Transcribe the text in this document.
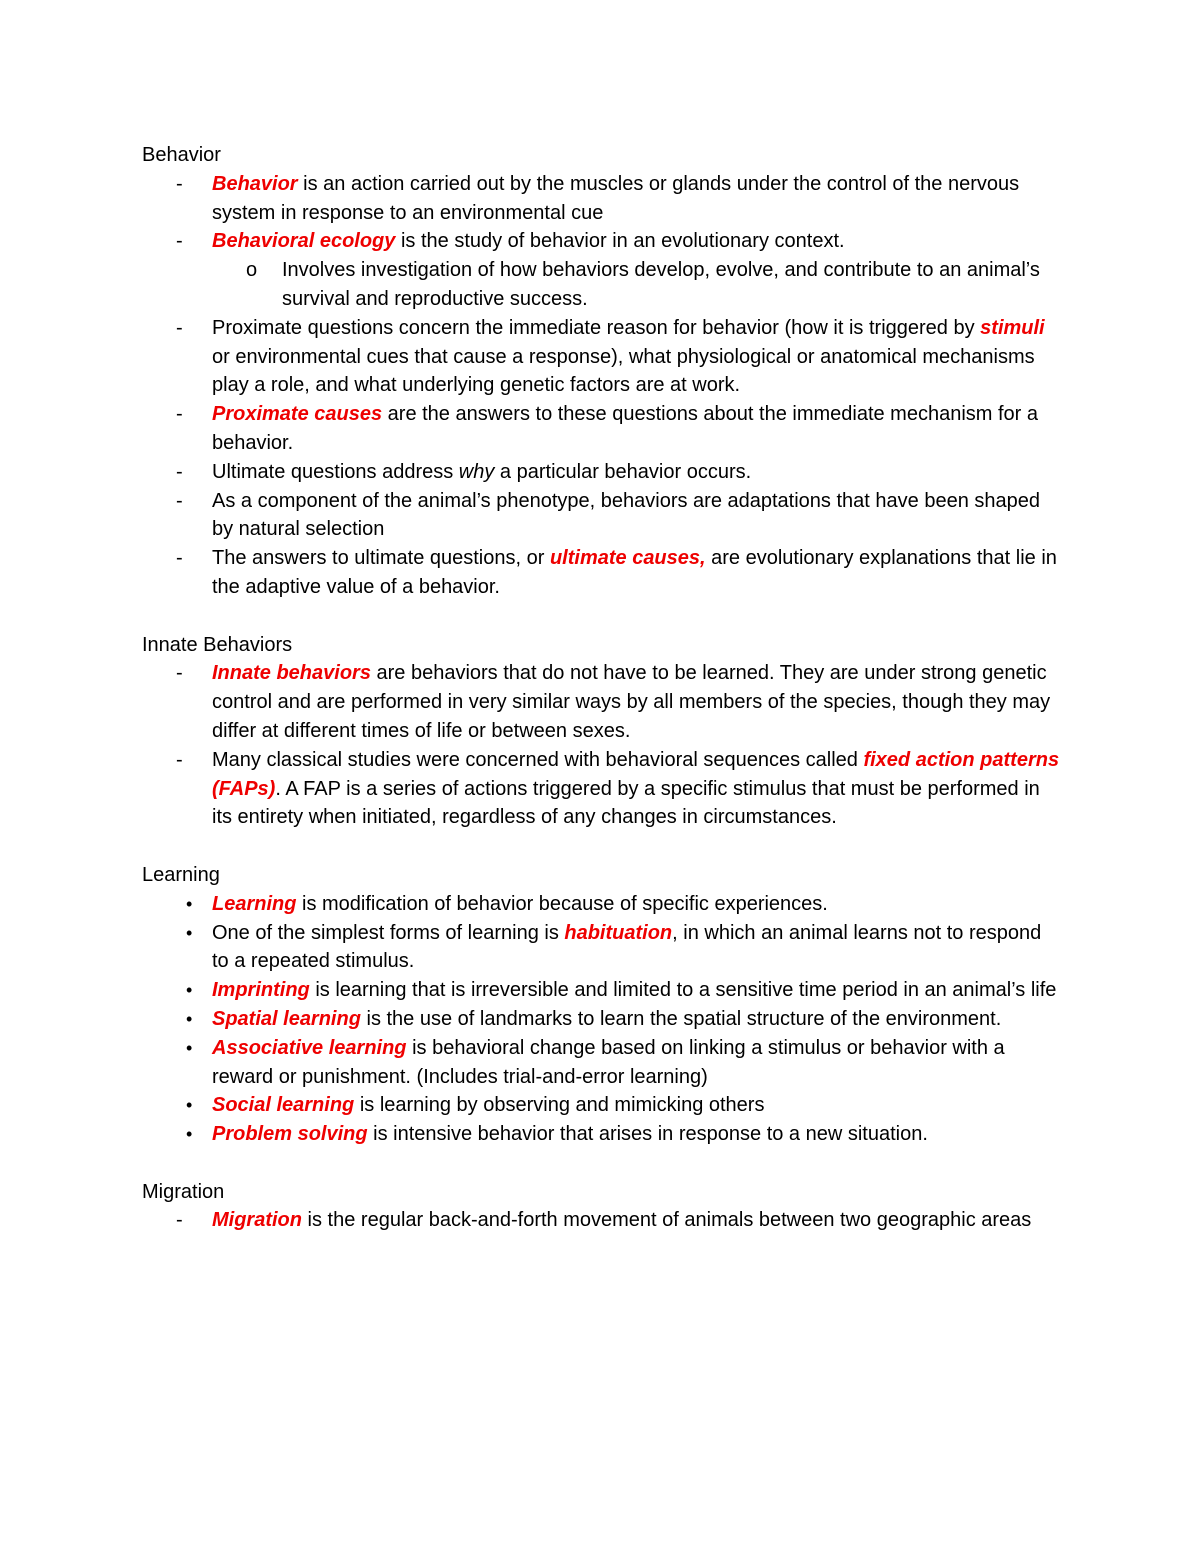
Behavior

- Behavior is an action carried out by the muscles or glands under the control of the nervous system in response to an environmental cue
- Behavioral ecology is the study of behavior in an evolutionary context.
o Involves investigation of how behaviors develop, evolve, and contribute to an animal’s survival and reproductive success.
- Proximate questions concern the immediate reason for behavior (how it is triggered by stimuli or environmental cues that cause a response), what physiological or anatomical mechanisms play a role, and what underlying genetic factors are at work.
- Proximate causes are the answers to these questions about the immediate mechanism for a behavior.
- Ultimate questions address why a particular behavior occurs.
- As a component of the animal’s phenotype, behaviors are adaptations that have been shaped by natural selection
- The answers to ultimate questions, or ultimate causes, are evolutionary explanations that lie in the adaptive value of a behavior.

Innate Behaviors

- Innate behaviors are behaviors that do not have to be learned. They are under strong genetic control and are performed in very similar ways by all members of the species, though they may differ at different times of life or between sexes.
- Many classical studies were concerned with behavioral sequences called fixed action patterns (FAPs). A FAP is a series of actions triggered by a specific stimulus that must be performed in its entirety when initiated, regardless of any changes in circumstances.

Learning

• Learning is modification of behavior because of specific experiences.
• One of the simplest forms of learning is habituation, in which an animal learns not to respond to a repeated stimulus.
• Imprinting is learning that is irreversible and limited to a sensitive time period in an animal’s life
• Spatial learning is the use of landmarks to learn the spatial structure of the environment.
• Associative learning is behavioral change based on linking a stimulus or behavior with a reward or punishment. (Includes trial-and-error learning)
• Social learning is learning by observing and mimicking others
• Problem solving is intensive behavior that arises in response to a new situation.

Migration

- Migration is the regular back-and-forth movement of animals between two geographic areas
